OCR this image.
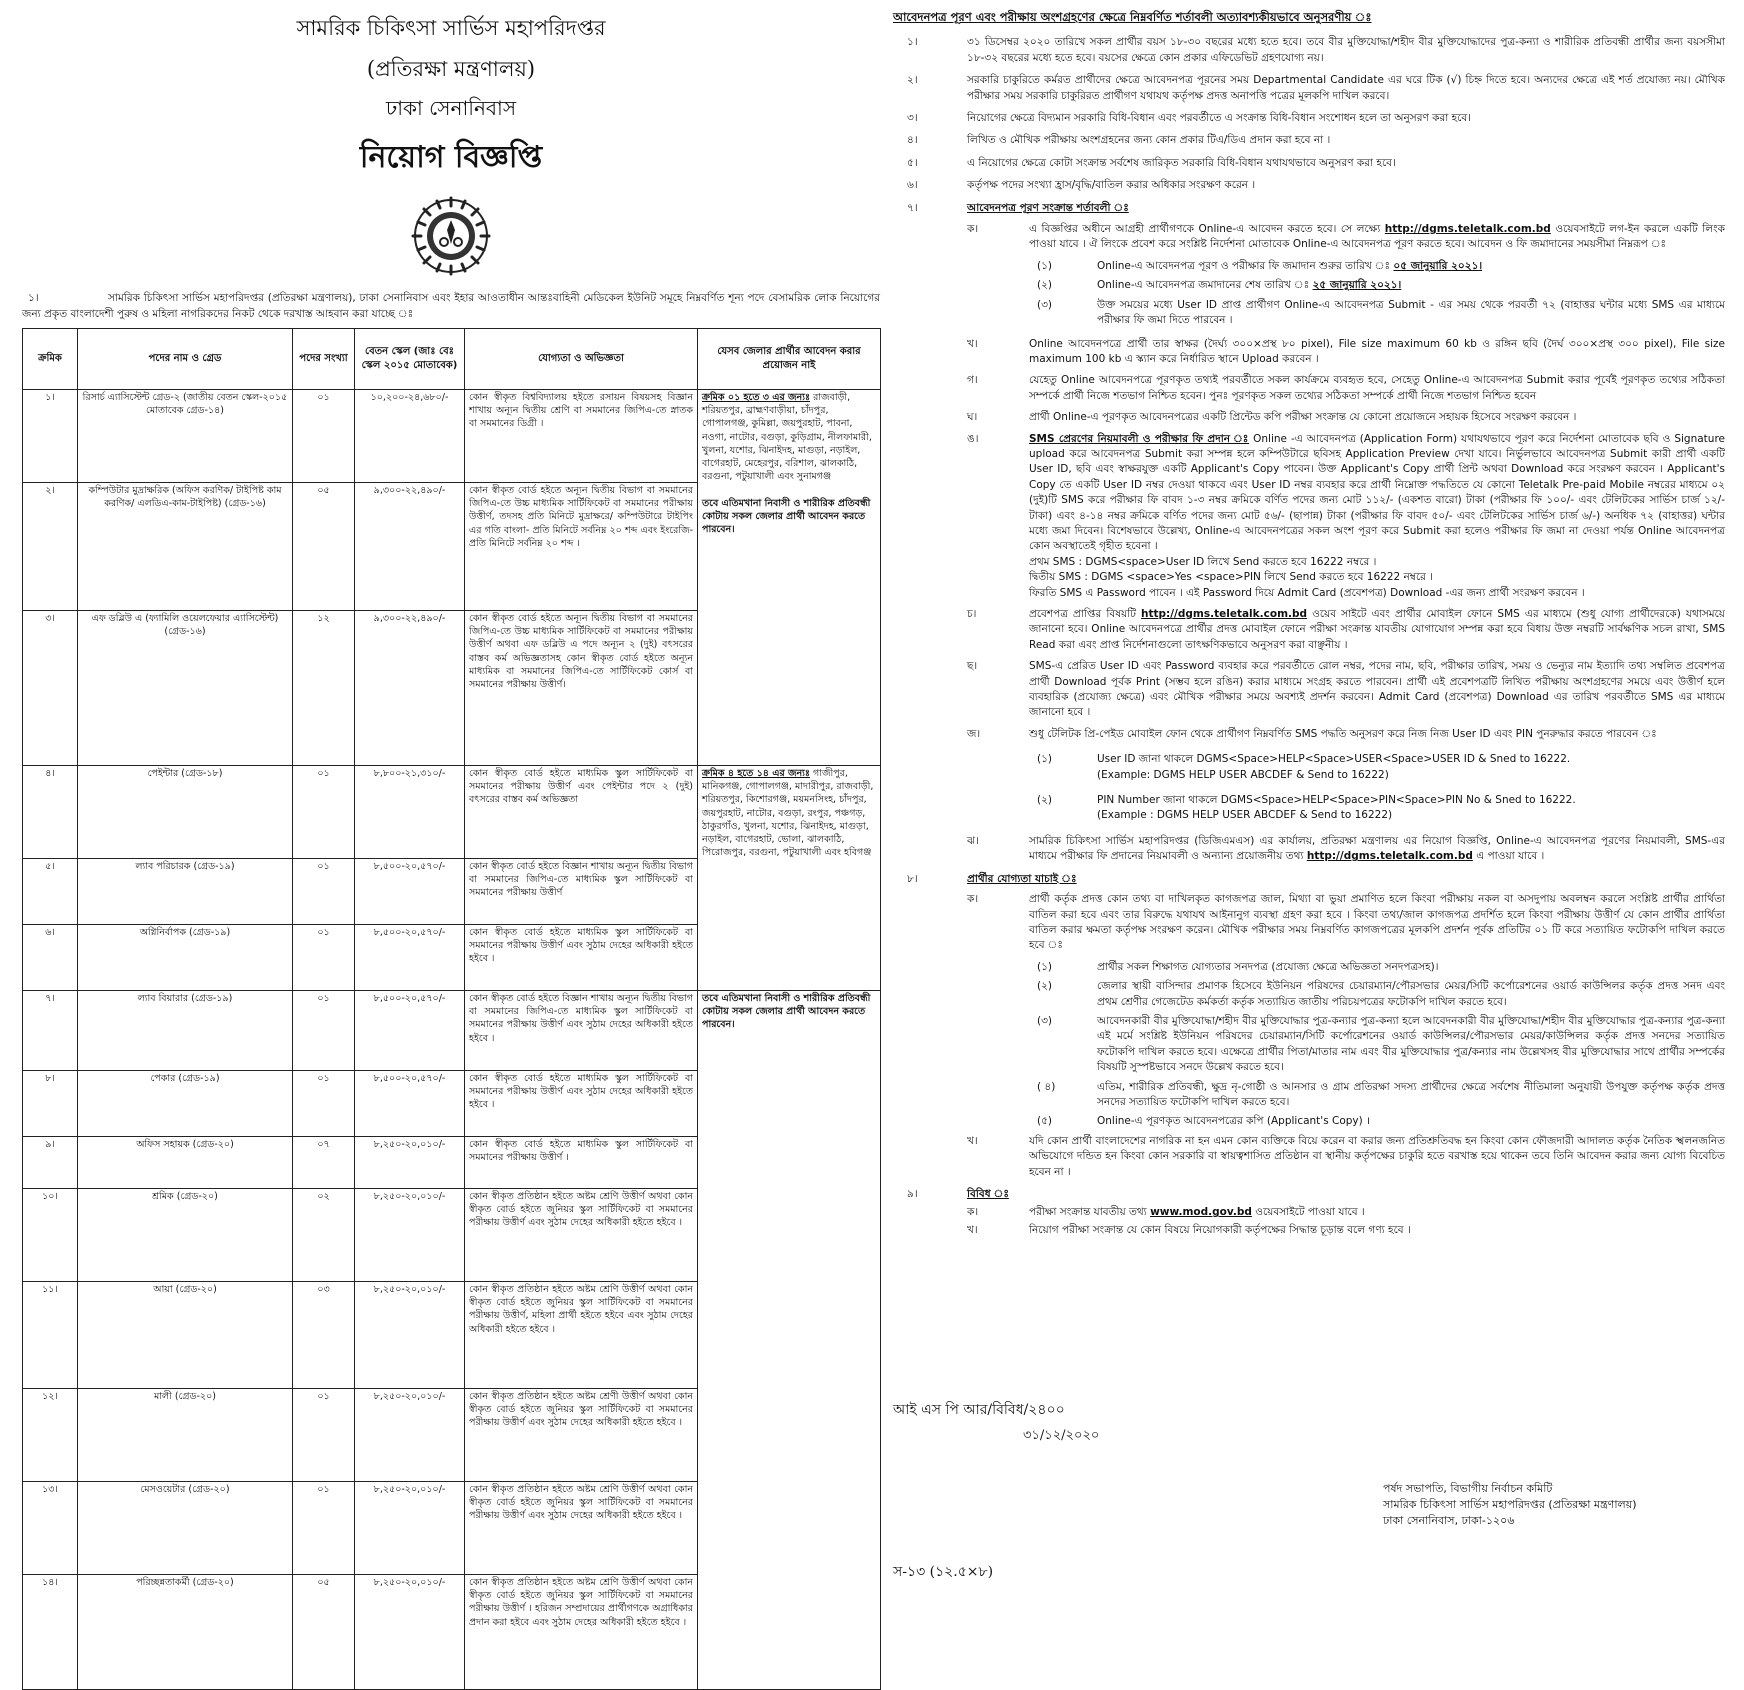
সামরিক চিকিৎসা সার্ভিস মহাপরিদপ্তর
(প্রতিরক্ষা মন্ত্রণালয়)
ঢাকা সেনানিবাস
নিয়োগ বিজ্ঞপ্তি
১।	সামরিক চিকিৎসা সার্ভিস মহাপরিদপ্তর (প্রতিরক্ষা মন্ত্রণালয়), ঢাকা সেনানিবাস এবং ইহার আওতাধীন আন্তঃবাহিনী মেডিকেল ইউনিট সমূহে নিম্নবর্ণিত শূন্য পদে বেসামরিক লোক নিয়োগের জন্য প্রকৃত বাংলাদেশী পুরুষ ও মহিলা নাগরিকদের নিকট থেকে দরখাস্ত আহবান করা যাচ্ছে ঃ
ক্রমিক	পদের নাম ও গ্রেড	পদের সংখ্যা	বেতন স্কেল (জাঃ বেঃ স্কেল ২০১৫ মোতাবেক)	যোগ্যতা ও অভিজ্ঞতা	যেসব জেলার প্রার্থীর আবেদন করার প্রয়োজন নাই
১।	রিসার্চ এ্যাসিস্টেন্ট গ্রেড-২ (জাতীয় বেতন স্কেল-২০১৫ মোতাবেক গ্রেড-১৪)	০১	১০,২০০-২৪,৬৮০/-	কোন স্বীকৃত বিশ্ববিদ্যালয় হইতে রসায়ন বিষয়সহ বিজ্ঞান শাখায় অন্যূন দ্বিতীয় শ্রেণি বা সমমানের জিপিএ-তে স্নাতক বা সমমানের ডিগ্রী ।	ক্রমিক ০১ হতে ৩ এর জন্যঃ রাজবাড়ী, শরিয়তপুর, ব্রাহ্মণবাড়ীয়া, চাঁদপুর, গোপালগঞ্জ, কুমিল্লা, জয়পুরহাট, পাবনা, নওগা, নাটোর, বগুড়া, কুড়িগ্রাম, নীলফামারী, খুলনা, যশোর, ঝিনাইদহ, মাগুড়া, নড়াইল, বাগেরহাট, মেহেরপুর, বরিশাল, ঝালকাঠি, বরগুনা, পটুয়াখালী এবং সুনামগঞ্জ

তবে এতিমখানা নিবাসী ও শারীরিক প্রতিবন্ধী কোটায় সকল জেলার প্রার্থী আবেদন করতে পারবেন।

২।	কম্পিউটার মুদ্রাক্ষরিক (অফিস করণিক/ টাইপিষ্ট কাম করণিক/ এলডিএ-কাম-টাইপিষ্ট) (গ্রেড-১৬)	০৫	৯,৩০০-২২,৪৯০/-	কোন স্বীকৃত বোর্ড হইতে অন্যূন দ্বিতীয় বিভাগ বা সমমানের জিপিএ-তে উচ্চ মাধ্যমিক সার্টিফিকেট বা সমমানের পরীক্ষায় উত্তীর্ণ, তদসহ প্রতি মিনিটে মুদ্রাক্ষরে/ কম্পিউটারে টাইপিং এর গতি বাংলা- প্রতি মিনিটে সর্বনিম্ন ২০ শব্দ এবং ইংরেজি- প্রতি মিনিটে সর্বনিম্ন ২০ শব্দ ।	
৩।	এফ ডব্লিউ এ (ফ্যামিলি ওয়েলফেয়ার এ্যাসিস্টেন্ট) (গ্রেড-১৬)	১২	৯,৩০০-২২,৪৯০/-	কোন স্বীকৃত বোর্ড হইতে অন্যূন দ্বিতীয় বিভাগ বা সমমানের জিপিএ-তে উচ্চ মাধ্যমিক সার্টিফিকেট বা সমমানের পরীক্ষায় উত্তীর্ণ অথবা এফ ডব্লিউ এ পদে অন্যূন ২ (দুই) বৎসরের বাস্তব কর্ম অভিজ্ঞতাসহ কোন স্বীকৃত বোর্ড হইতে অন্যূন মাধ্যমিক বা সমমানের জিপিএ-তে সার্টিফিকেট কোর্স বা সমমানের পরীক্ষায় উত্তীর্ণ।	
৪।	পেইন্টার (গ্রেড-১৮)	০১	৮,৮০০-২১,৩১০/-	কোন স্বীকৃত বোর্ড হইতে মাধ্যমিক স্কুল সার্টিফিকেট বা সমমানের পরীক্ষায় উত্তীর্ণ এবং পেইন্টার পদে ২ (দুই) বৎসরের বাস্তব কর্ম অভিজ্ঞতা	ক্রমিক ৪ হতে ১৪ এর জন্যঃ গাজীপুর, মানিকগঞ্জ, গোপালগঞ্জ, মাদারীপুর, রাজবাড়ী, শরিয়তপুর, কিশোরগঞ্জ, ময়মনসিংহ, চাঁদপুর, জয়পুরহাট, নাটোর, বগুড়া, রংপুর, পঞ্চগড়, ঠাকুরগাঁও, খুলনা, যশোর, ঝিনাইদহ, মাগুড়া, নড়াইল, বাগেরহাট, ভোলা, ঝালকাঠি, পিরোজপুর, বরগুনা, পটুয়াখালী এবং হবিগঞ্জ
৫।	ল্যাব পরিচারক (গ্রেড-১৯)	০১	৮,৫০০-২০,৫৭০/-	কোন স্বীকৃত বোর্ড হইতে বিজ্ঞান শাখায় অন্যূন দ্বিতীয় বিভাগ বা সমমানের জিপিএ-তে মাধ্যমিক স্কুল সার্টিফিকেট বা সমমানের পরীক্ষায় উত্তীর্ণ	
৬।	অগ্নিনির্বাপক (গ্রেড-১৯)	০১	৮,৫০০-২০,৫৭০/-	কোন স্বীকৃত বোর্ড হইতে মাধ্যমিক স্কুল সার্টিফিকেট বা সমমানের পরীক্ষায় উত্তীর্ণ এবং সুঠাম দেহের অধিকারী হইতে হইবে ।	
৭।	ল্যাব বিয়ারার (গ্রেড-১৯)	০১	৮,৫০০-২০,৫৭০/-	কোন স্বীকৃত বোর্ড হইতে বিজ্ঞান শাখায় অন্যূন দ্বিতীয় বিভাগ বা সমমানের জিপিএ-তে মাধ্যমিক স্কুল সার্টিফিকেট বা সমমানের পরীক্ষায় উত্তীর্ণ এবং সুঠাম দেহের অধিকারী হইতে হইবে ।	তবে এতিমখানা নিবাসী ও শারীরিক প্রতিবন্ধী কোটায় সকল জেলার প্রার্থী আবেদন করতে পারবেন।

৮।	পেকার (গ্রেড-১৯)	০১	৮,৫০০-২০,৫৭০/-	কোন স্বীকৃত বোর্ড হইতে মাধ্যমিক স্কুল সার্টিফিকেট বা সমমানের পরীক্ষায় উত্তীর্ণ এবং সুঠাম দেহের অধিকারী হইতে হইবে ।	
৯।	অফিস সহায়ক (গ্রেড-২০)	০৭	৮,২৫০-২০,০১০/-	কোন স্বীকৃত বোর্ড হইতে মাধ্যমিক স্কুল সার্টিফিকেট বা সমমানের পরীক্ষায় উত্তীর্ণ ।	
১০।	শ্রমিক (গ্রেড-২০)	০২	৮,২৫০-২০,০১০/-	কোন স্বীকৃত প্রতিষ্ঠান হইতে অষ্টম শ্রেণি উত্তীর্ণ অথবা কোন স্বীকৃত বোর্ড হইতে জুনিয়র স্কুল সার্টিফিকেট বা সমমানের পরীক্ষায় উত্তীর্ণ এবং সুঠাম দেহের অধিকারী হইতে হইবে ।	
১১।	আয়া (গ্রেড-২০)	০৩	৮,২৫০-২০,০১০/-	কোন স্বীকৃত প্রতিষ্ঠান হইতে অষ্টম শ্রেণি উত্তীর্ণ অথবা কোন স্বীকৃত বোর্ড হইতে জুনিয়র স্কুল সার্টিফিকেট বা সমমানের পরীক্ষায় উত্তীর্ণ, মহিলা প্রার্থী হইতে হইবে এবং সুঠাম দেহের অধিকারী হইতে হইবে ।	
১২।	মালী (গ্রেড-২০)	০১	৮,২৫০-২০,০১০/-	কোন স্বীকৃত প্রতিষ্ঠান হইতে অষ্টম শ্রেণী উত্তীর্ণ অথবা কোন স্বীকৃত বোর্ড হইতে জুনিয়র স্কুল সার্টিফিকেট বা সমমানের পরীক্ষায় উত্তীর্ণ এবং সুঠাম দেহের অধিকারী হইতে হইবে ।	
১৩।	মেসওয়েটার (গ্রেড-২০)	০১	৮,২৫০-২০,০১০/-	কোন স্বীকৃত প্রতিষ্ঠান হইতে অষ্টম শ্রেণি উত্তীর্ণ অথবা কোন স্বীকৃত বোর্ড হইতে জুনিয়র স্কুল সার্টিফিকেট বা সমমানের পরীক্ষায় উত্তীর্ণ এবং সুঠাম দেহের অধিকারী হইতে হইবে ।	
১৪।	পরিচ্ছন্নতাকর্মী (গ্রেড-২০)	০৫	৮,২৫০-২০,০১০/-	কোন স্বীকৃত প্রতিষ্ঠান হইতে অষ্টম শ্রেণি উত্তীর্ণ অথবা কোন স্বীকৃত বোর্ড হইতে জুনিয়র স্কুল সার্টিফিকেট বা সমমানের পরীক্ষায় উত্তীর্ণ । হরিজন সম্প্রদায়ের প্রার্থীগণকে অগ্রাধিকার প্রদান করা হইবে এবং সুঠাম দেহের অধিকারী হইতে হইবে ।	
আবেদনপত্র পূরণ এবং পরীক্ষায় অংশগ্রহণের ক্ষেত্রে নিম্নবর্ণিত শর্তাবলী অত্যাবশ্যকীয়ভাবে অনুসরণীয় ঃ
১।	৩১ ডিসেম্বর ২০২০ তারিখে সকল প্রার্থীর বয়স ১৮-৩০ বছরের মধ্যে হতে হবে। তবে বীর মুক্তিযোদ্ধা/শহীদ বীর মুক্তিযোদ্ধাদের পুত্র-কন্যা ও শারীরিক প্রতিবন্ধী প্রার্থীর জন্য বয়সসীমা ১৮-৩২ বছরের মধ্যে হতে হবে। বয়সের ক্ষেত্রে কোন প্রকার এফিডেভিট গ্রহণযোগ্য নয়।
২।	সরকারি চাকুরিতে কর্মরত প্রার্থীদের ক্ষেত্রে আবেদনপত্র পূরনের সময় Departmental Candidate এর ঘরে টিক (√) চিহ্ন দিতে হবে। অন্যদের ক্ষেত্রে এই শর্ত প্রযোজ্য নয়। মৌখিক পরীক্ষার সময় সরকারি চাকুরিরত প্রার্থীগণ যথাযথ কর্তৃপক্ষ প্রদত্ত অনাপত্তি পত্রের মূলকপি দাখিল করবে।
৩।	নিয়োগের ক্ষেত্রে বিদ্যমান সরকারি বিধি-বিধান এবং পরবর্তীতে এ সংক্রান্ত বিধি-বিধান সংশোধন হলে তা অনুসরণ করা হবে।
৪।	লিখিত ও মৌখিক পরীক্ষায় অংশগ্রহনের জন্য কোন প্রকার টিএ/ডিএ প্রদান করা হবে না ।
৫।	এ নিয়োগের ক্ষেত্রে কোটা সংক্রান্ত সর্বশেষ জারিকৃত সরকারি বিধি-বিধান যথাযথভাবে অনুসরণ করা হবে।
৬।	কর্তৃপক্ষ পদের সংখ্যা হ্রাস/বৃদ্ধি/বাতিল করার অধিকার সংরক্ষণ করেন ।
৭।	আবেদনপত্র পূরণ সংক্রান্ত শর্তাবলী ঃ
ক।	এ বিজ্ঞপ্তির অধীনে আগ্রহী প্রার্থীগণকে Online-এ আবেদন করতে হবে। সে লক্ষ্যে http://dgms.teletalk.com.bd ওয়েবসাইটে লগ-ইন করলে একটি লিংক পাওয়া যাবে । ঐ লিংকে প্রবেশ করে সংশ্লিষ্ট নির্দেশনা মোতাবেক Online-এ আবেদনপত্র পূরণ করতে হবে। আবেদন ও ফি জমাদানের সময়সীমা নিম্নরূপ ঃ
(১)	Online-এ আবেদনপত্র পূরণ ও পরীক্ষার ফি জমাদান শুরুর তারিখ ঃ ০৫ জানুয়ারি ২০২১।
(২)	Online-এ আবেদনপত্র জমাদানের শেষ তারিখ ঃ ২৫ জানুয়ারি ২০২১।
(৩)	উক্ত সময়ের মধ্যে User ID প্রাপ্ত প্রার্থীগণ Online-এ আবেদনপত্র Submit - এর সময় থেকে পরবর্তী ৭২ (বাহাত্তর ঘন্টার মধ্যে SMS এর মাধ্যমে পরীক্ষার ফি জমা দিতে পারবেন ।
খ।	Online আবেদনপত্রে প্রার্থী তার স্বাক্ষর (দৈর্ঘ্য ৩০০×প্রস্থ ৮০ pixel), File size maximum 60 kb ও রঙ্গিন ছবি (দৈর্ঘ ৩০০×প্রস্থ ৩০০ pixel), File size maximum 100 kb এ স্ক্যান করে নির্ধারিত স্থানে Upload করবেন ।
গ।	যেহেতু Online আবেদনপত্রে পূরণকৃত তথ্যই পরবর্তীতে সকল কার্যক্রমে ব্যবহৃত হবে, সেহেতু Online-এ আবেদনপত্র Submit করার পূর্বেই পূরণকৃত তথ্যের সঠিকতা সম্পর্কে প্রার্থী নিজে শতভাগ নিশ্চিত হবেন। পুনঃ পূরণকৃত সকল তথ্যের সঠিকতা সম্পর্কে প্রার্থী নিজে শতভাগ নিশ্চিত হবেন
ঘ।	প্রার্থী Online-এ পূরণকৃত আবেদনপত্রের একটি প্রিন্টেড কপি পরীক্ষা সংক্রান্ত যে কোনো প্রয়োজনে সহায়ক হিসেবে সংরক্ষণ করবেন ।
ঙ।	SMS প্রেরণের নিয়মাবলী ও পরীক্ষার ফি প্রদান ঃ Online -এ আবেদনপত্র (Application Form) যথাযথভাবে পূরণ করে নির্দেশনা মোতাবেক ছবি ও Signature upload করে আবেদনপত্র Submit করা সম্পন্ন হলে কম্পিউটারে ছবিসহ Application Preview দেখা যাবে। নির্ভুলভাবে আবেদনপত্র Submit কারী প্রার্থী একটি User ID, ছবি এবং স্বাক্ষরযুক্ত একটি Applicant's Copy পাবেন। উক্ত Applicant's Copy প্রার্থী প্রিন্ট অথবা Download করে সংরক্ষণ করবেন । Applicant's Copy তে একটি User ID নম্বর দেওয়া থাকবে এবং User ID নম্বর ব্যবহার করে প্রার্থী নিম্নোক্ত পদ্ধতিতে যে কোনো Teletalk Pre-paid Mobile নম্বরের মাধ্যমে ০২ (দুই)টি SMS করে পরীক্ষার ফি বাবদ ১-৩ নম্বর ক্রমিকে বর্ণিত পদের জন্য মোট ১১২/- (একশত বারো) টাকা (পরীক্ষার ফি ১০০/- এবং টেলিটকের সার্ভিস চার্জ ১২/- টাকা) এবং ৪-১৪ নম্বর ক্রমিকে বর্ণিত পদের জন্য মোট ৫৬/- (ছাপান্ন) টাকা (পরীক্ষার ফি বাবদ ৫০/- এবং টেলিটকের সার্ভিস চার্জ ৬/-) অনধিক ৭২ (বাহাত্তর) ঘন্টার মধ্যে জমা দিবেন। বিশেষভাবে উল্লেখ্য, Online-এ আবেদনপত্রের সকল অংশ পূরণ করে Submit করা হলেও পরীক্ষার ফি জমা না দেওয়া পর্যন্ত Online আবেদনপত্র কোন অবস্থাতেই গৃহীত হবেনা ।
প্রথম SMS : DGMS<space>User ID লিখে Send করতে হবে 16222 নম্বরে ।
দ্বিতীয় SMS : DGMS <space>Yes <space>PIN লিখে Send করতে হবে 16222 নম্বরে ।
ফিরতি SMS এ Password পাবেন । এই Password দিয়ে Admit Card (প্রবেশপত্র) Download -এর জন্য প্রার্থী সংরক্ষণ করবেন ।
চ।	প্রবেশপত্র প্রাপ্তির বিষয়টি http://dgms.teletalk.com.bd ওয়েব সাইটে এবং প্রার্থীর মোবাইল ফোনে SMS এর মাধ্যমে (শুধু যোগ্য প্রার্থীদেরকে) যথাসময়ে জানানো হবে। Online আবেদনপত্রে প্রার্থীর প্রদত্ত মোবাইল ফোনে পরীক্ষা সংক্রান্ত যাবতীয় যোগাযোগ সম্পন্ন করা হবে বিধায় উক্ত নম্বরটি সার্বক্ষণিক সচল রাখা, SMS Read করা এবং প্রাপ্ত নির্দেশনাগুলো তাৎক্ষণিকভাবে অনুসরণ করা বাঞ্ছনীয় ।
ছ।	SMS-এ প্রেরিত User ID এবং Password ব্যবহার করে পরবর্তীতে রোল নম্বর, পদের নাম, ছবি, পরীক্ষার তারিখ, সময় ও ভেন্যুর নাম ইত্যাদি তথ্য সম্বলিত প্রবেশপত্র প্রার্থী Download পূর্বক Print (সম্ভব হলে রঙিন) করার মাধ্যমে সংগ্রহ করতে পারবেন। প্রার্থী এই প্রবেশপত্রটি লিখিত পরীক্ষায় অংশগ্রহণের সময়ে এবং উত্তীর্ণ হলে ব্যবহারিক (প্রযোজ্য ক্ষেত্রে) এবং মৌখিক পরীক্ষার সময়ে অবশ্যই প্রদর্শন করবেন। Admit Card (প্রবেশপত্র) Download এর তারিখ পরবর্তীতে SMS এর মাধ্যমে জানানো হবে ।
জ।	শুধু টেলিটক প্রি-পেইড মোবাইল ফোন থেকে প্রার্থীগণ নিম্নবর্ণিত SMS পদ্ধতি অনুসরণ করে নিজ নিজ User ID এবং PIN পুনরুদ্ধার করতে পারবেন ঃ
(১)	User ID জানা থাকলে DGMS<Space>HELP<Space>USER<Space>USER ID & Sned to 16222.
(Example: DGMS HELP USER ABCDEF & Send to 16222)
(২)	PIN Number জানা থাকলে DGMS<Space>HELP<Space>PIN<Space>PIN No & Sned to 16222.
(Example : DGMS HELP USER ABCDEF & Send to 16222)
ঝ।	সামরিক চিকিৎসা সার্ভিস মহাপরিদপ্তর (ডিজিএমএস) এর কার্যালয়, প্রতিরক্ষা মন্ত্রণালয় এর নিয়োগ বিজ্ঞপ্তি, Online-এ আবেদনপত্র পূরণের নিয়মাবলী, SMS-এর মাধ্যমে পরীক্ষার ফি প্রদানের নিয়মাবলী ও অন্যান্য প্রয়োজনীয় তথ্য http://dgms.teletalk.com.bd এ পাওয়া যাবে ।
৮।	প্রার্থীর যোগ্যতা যাচাই ঃ
ক।	প্রার্থী কর্তৃক প্রদত্ত কোন তথ্য বা দাখিলকৃত কাগজপত্র জাল, মিথ্যা বা ভুয়া প্রমাণিত হলে কিংবা পরীক্ষায় নকল বা অসদুপায় অবলম্বন করলে সংশ্লিষ্ট প্রার্থীর প্রার্থিতা বাতিল করা হবে এবং তার বিরুদ্ধে যথাযথ আইনানুগ ব্যবস্থা গ্রহণ করা হবে । কিংবা তথ্য/জাল কাগজপত্র প্রদর্শিত হলে কিংবা পরীক্ষায় উত্তীর্ণ যে কোন প্রার্থীর প্রার্থিতা বাতিল করার ক্ষমতা কর্তৃপক্ষ সংরক্ষণ করেন। মৌখিক পরীক্ষার সময় নিম্নবর্ণিত কাগজপত্রের মূলকপি প্রদর্শন পূর্বক প্রতিটির ০১ টি করে সত্যায়িত ফটোকপি দাখিল করতে হবে ঃ
(১)	প্রার্থীর সকল শিক্ষাগত যোগ্যতার সনদপত্র (প্রযোজ্য ক্ষেত্রে অভিজ্ঞতা সনদপত্রসহ)।
(২)	জেলার স্থায়ী বাসিন্দার প্রমাণক হিসেবে ইউনিয়ন পরিষদের চেয়ারম্যান/পৌরসভার মেয়র/সিটি কর্পোরেশনের ওয়ার্ড কাউন্সিলর কর্তৃক প্রদত্ত সনদ এবং প্রথম শ্রেণীর গেজেটেড কর্মকর্তা কর্তৃক সত্যায়িত জাতীয় পরিচয়পত্রের ফটোকপি দাখিল করতে হবে।
(৩)	আবেদনকারী বীর মুক্তিযোদ্ধা/শহীদ বীর মুক্তিযোদ্ধার পুত্র-কন্যার পুত্র-কন্যা হলে আবেদনকারী বীর মুক্তিযোদ্ধা/শহীদ বীর মুক্তিযোদ্ধার পুত্র-কন্যার পুত্র-কন্যা এই মর্মে সংশ্লিষ্ট ইউনিয়ন পরিষদের চেয়ারম্যান/সিটি কর্পোরেশনের ওয়ার্ড কাউন্সিলর/পৌরসভার মেয়র/কাউন্সিলর কর্তৃক প্রদত্ত সনদের সত্যায়িত ফটোকপি দাখিল করতে হবে। এক্ষেত্রে প্রার্থীর পিতা/মাতার নাম এবং বীর মুক্তিযোদ্ধার পুত্র/কন্যার নাম উল্লেখসহ বীর মুক্তিযোদ্ধার সাথে প্রার্থীর সম্পর্কের বিষয়টি সুস্পষ্টভাবে সনদে উল্লেখ করতে হবে।
( ৪)	এতিম, শারীরিক প্রতিবন্ধী, ক্ষুদ্র নৃ-গোষ্ঠী ও আনসার ও গ্রাম প্রতিরক্ষা সদস্য প্রার্থীদের ক্ষেত্রে সর্বশেষ নীতিমালা অনুযায়ী উপযুক্ত কর্তৃপক্ষ কর্তৃক প্রদত্ত সনদের সত্যায়িত ফটোকপি দাখিল করতে হবে।
(৫)	Online-এ পূরণকৃত আবেদনপত্রের কপি (Applicant's Copy) ।
খ।	যদি কোন প্রার্থী বাংলাদেশের নাগরিক না হন এমন কোন ব্যক্তিকে বিয়ে করেন বা করার জন্য প্রতিশ্রুতিবদ্ধ হন কিংবা কোন ফৌজদারী আদালত কর্তৃক নৈতিক স্খলনজনিত অভিযোগে দন্ডিত হন কিংবা কোন সরকারি বা স্বায়ত্বশাসিত প্রতিষ্ঠান বা স্থানীয় কর্তৃপক্ষের চাকুরি হতে বরখাস্ত হয়ে থাকেন তবে তিনি আবেদন করার জন্য যোগ্য বিবেচিত হবেন না ।
৯।	বিবিধ ঃ
ক।	পরীক্ষা সংক্রান্ত যাবতীয় তথ্য www.mod.gov.bd ওয়েবসাইটে পাওয়া যাবে ।
খ।	নিয়োগ পরীক্ষা সংক্রান্ত যে কোন বিষয়ে নিয়োগকারী কর্তৃপক্ষের সিদ্ধান্ত চূড়ান্ত বলে গণ্য হবে ।
আই এস পি আর/বিবিধ/২৪০০
৩১/১২/২০২০
পর্ষদ সভাপতি, বিভাগীয় নির্বাচন কমিটি
সামরিক চিকিৎসা সার্ভিস মহাপরিদপ্তর (প্রতিরক্ষা মন্ত্রণালয়)
ঢাকা সেনানিবাস, ঢাকা-১২০৬
স-১৩ (১২.৫×৮)
